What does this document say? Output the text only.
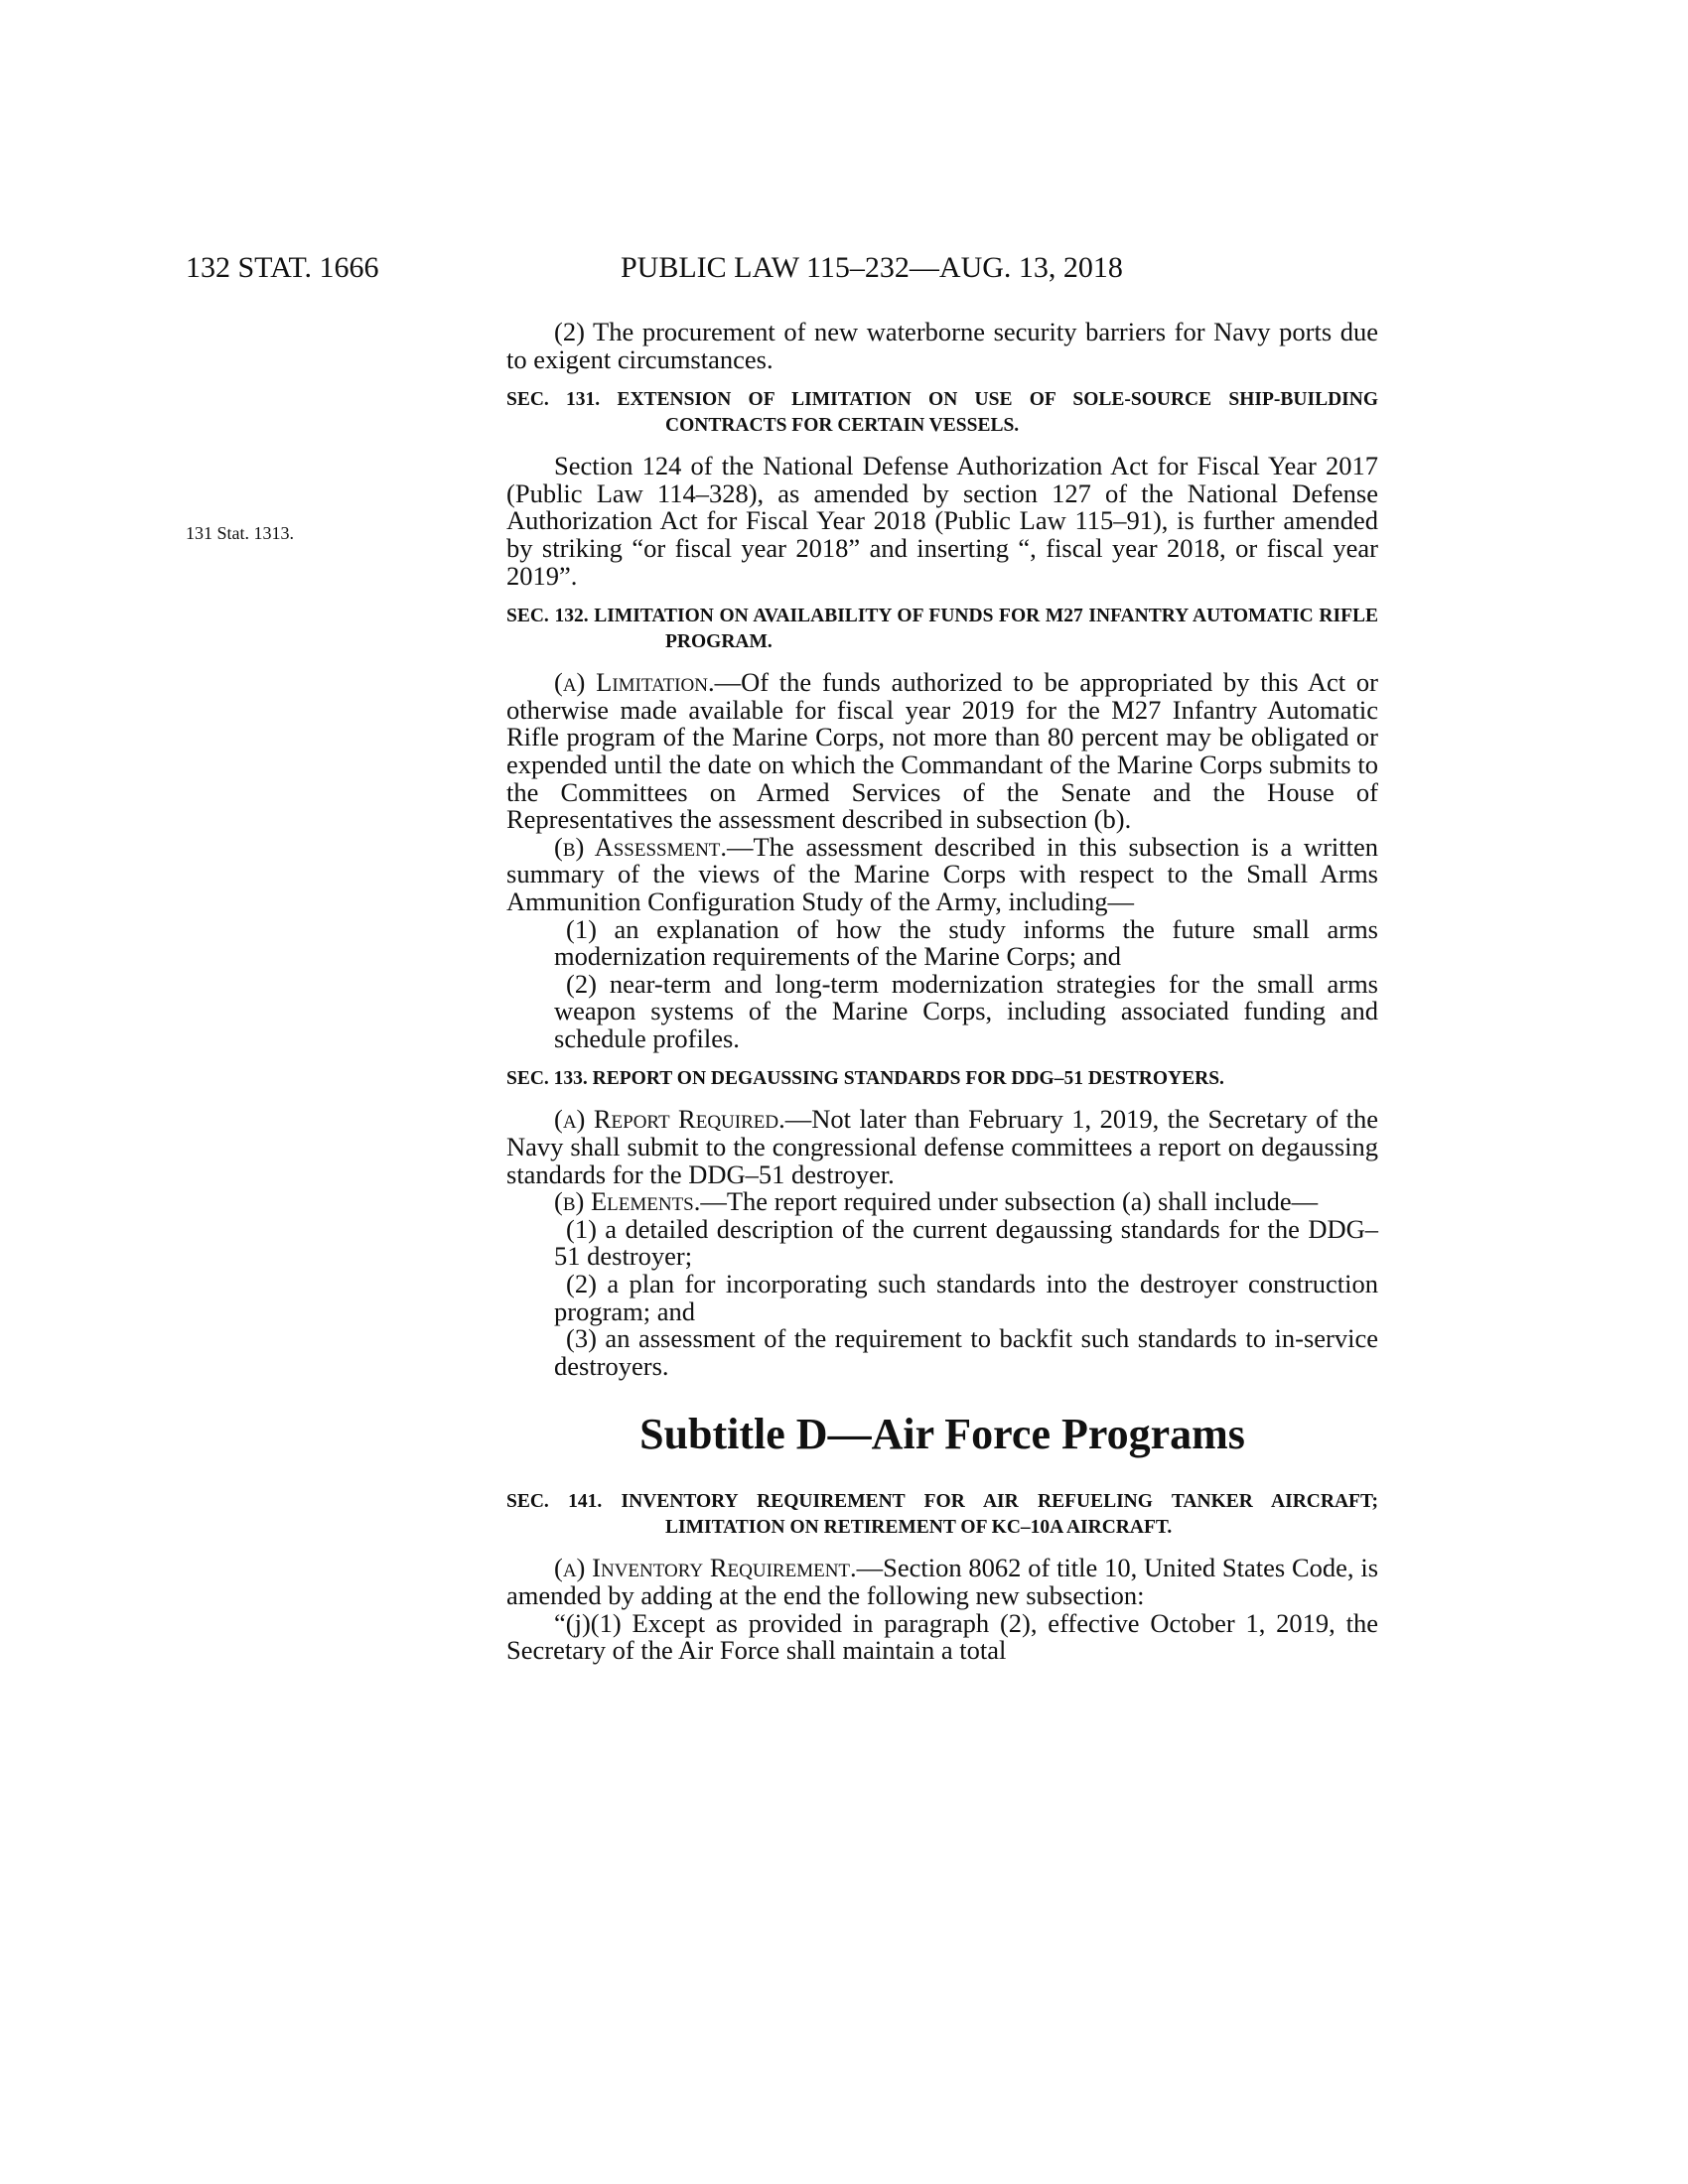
132 STAT. 1666	PUBLIC LAW 115–232—AUG. 13, 2018
131 Stat. 1313.

(2) The procurement of new waterborne security barriers for Navy ports due to exigent circumstances.

SEC. 131. EXTENSION OF LIMITATION ON USE OF SOLE-SOURCE SHIP-BUILDING CONTRACTS FOR CERTAIN VESSELS.

Section 124 of the National Defense Authorization Act for Fiscal Year 2017 (Public Law 114–328), as amended by section 127 of the National Defense Authorization Act for Fiscal Year 2018 (Public Law 115–91), is further amended by striking “or fiscal year 2018” and inserting “, fiscal year 2018, or fiscal year 2019”.

SEC. 132. LIMITATION ON AVAILABILITY OF FUNDS FOR M27 INFANTRY AUTOMATIC RIFLE PROGRAM.

(a) Limitation.—Of the funds authorized to be appropriated by this Act or otherwise made available for fiscal year 2019 for the M27 Infantry Automatic Rifle program of the Marine Corps, not more than 80 percent may be obligated or expended until the date on which the Commandant of the Marine Corps submits to the Committees on Armed Services of the Senate and the House of Representatives the assessment described in subsection (b).

(b) Assessment.—The assessment described in this subsection is a written summary of the views of the Marine Corps with respect to the Small Arms Ammunition Configuration Study of the Army, including—

(1) an explanation of how the study informs the future small arms modernization requirements of the Marine Corps; and

(2) near-term and long-term modernization strategies for the small arms weapon systems of the Marine Corps, including associated funding and schedule profiles.

SEC. 133. REPORT ON DEGAUSSING STANDARDS FOR DDG–51 DESTROYERS.

(a) Report Required.—Not later than February 1, 2019, the Secretary of the Navy shall submit to the congressional defense committees a report on degaussing standards for the DDG–51 destroyer.

(b) Elements.—The report required under subsection (a) shall include—

(1) a detailed description of the current degaussing standards for the DDG–51 destroyer;

(2) a plan for incorporating such standards into the destroyer construction program; and

(3) an assessment of the requirement to backfit such standards to in-service destroyers.

Subtitle D—Air Force Programs
SEC. 141. INVENTORY REQUIREMENT FOR AIR REFUELING TANKER AIRCRAFT; LIMITATION ON RETIREMENT OF KC–10A AIRCRAFT.

(a) Inventory Requirement.—Section 8062 of title 10, United States Code, is amended by adding at the end the following new subsection:

“(j)(1) Except as provided in paragraph (2), effective October 1, 2019, the Secretary of the Air Force shall maintain a total
